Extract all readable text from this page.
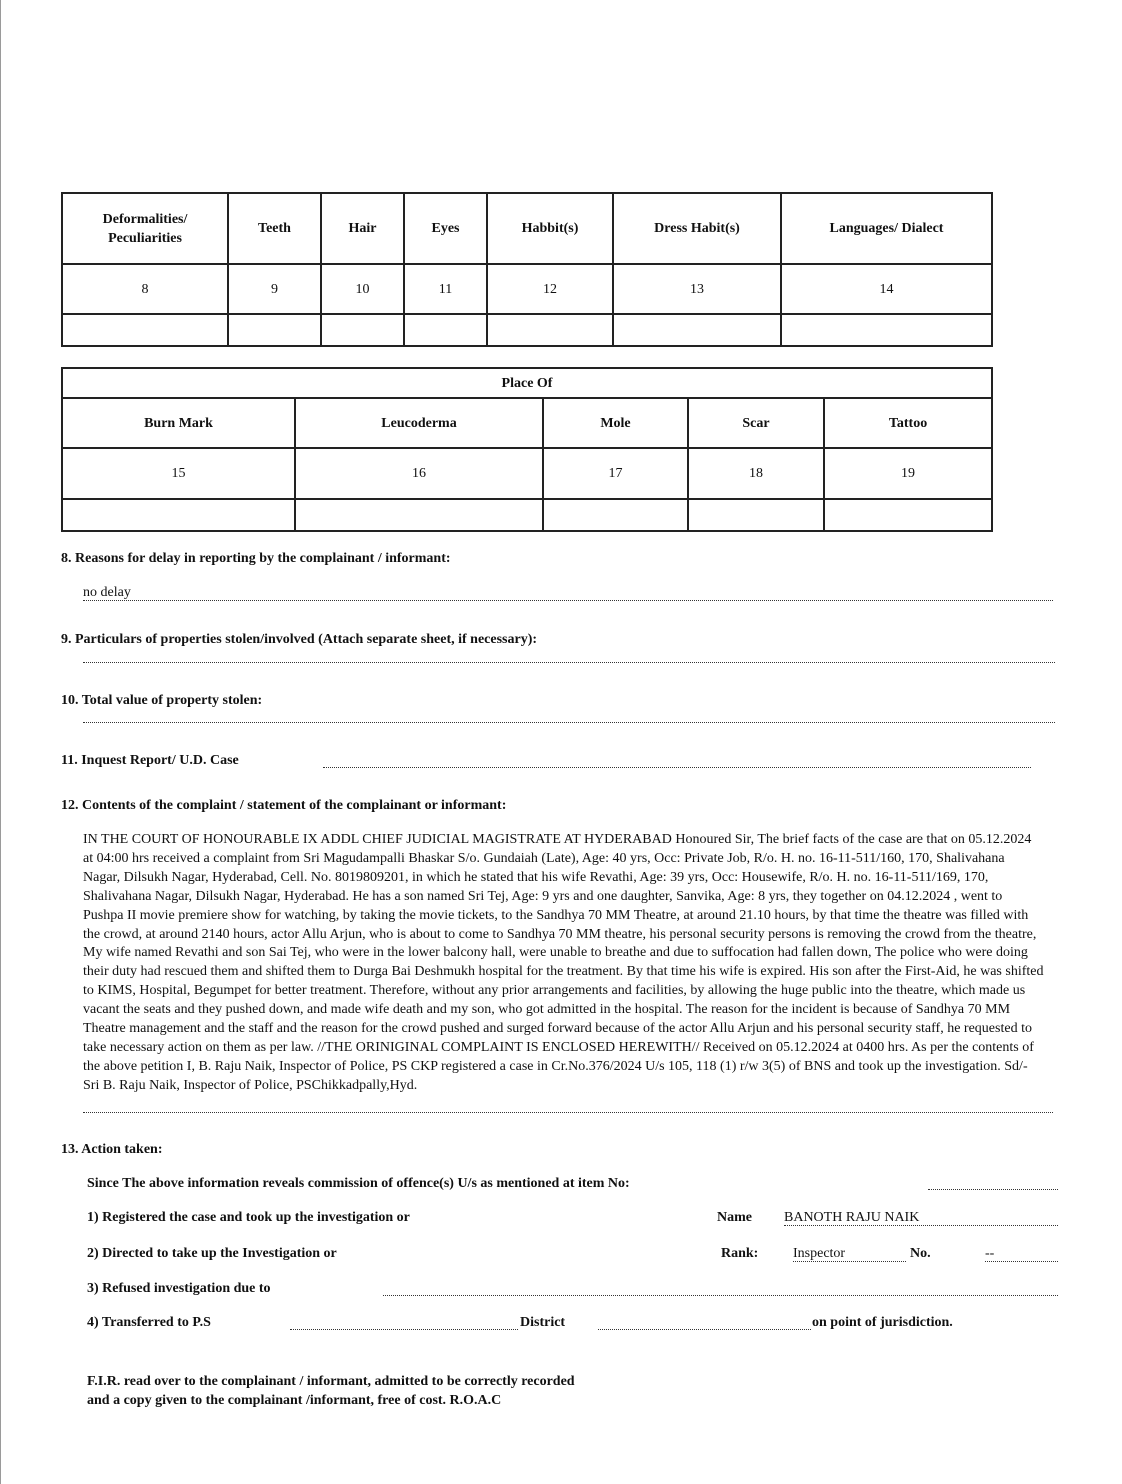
Deformalities/ Peculiarities	Teeth	Hair	Eyes	Habbit(s)	Dress Habit(s)	Languages/ Dialect
8	9	10	11	12	13	14

Place Of				
Burn Mark	Leucoderma	Mole	Scar	Tattoo
15	16	17	18	19

8. Reasons for delay in reporting by the complainant / informant:
no delay
9. Particulars of properties stolen/involved (Attach separate sheet, if necessary):
10. Total value of property stolen:
11. Inquest Report/ U.D. Case
12. Contents of the complaint / statement of the complainant or informant:
IN THE COURT OF HONOURABLE IX ADDL CHIEF JUDICIAL MAGISTRATE AT HYDERABAD Honoured Sir, The brief facts of the case are that on 05.12.2024 at 04:00 hrs received a complaint from Sri Magudampalli Bhaskar S/o. Gundaiah (Late), Age: 40 yrs, Occ: Private Job, R/o. H. no. 16-11-511/160, 170, Shalivahana Nagar, Dilsukh Nagar, Hyderabad, Cell. No. 8019809201, in which he stated that his wife Revathi, Age: 39 yrs, Occ: Housewife, R/o. H. no. 16-11-511/169, 170, Shalivahana Nagar, Dilsukh Nagar, Hyderabad. He has a son named Sri Tej, Age: 9 yrs and one daughter, Sanvika, Age: 8 yrs, they together on 04.12.2024 , went to Pushpa II movie premiere show for watching, by taking the movie tickets, to the Sandhya 70 MM Theatre, at around 21.10 hours, by that time the theatre was filled with the crowd, at around 2140 hours, actor Allu Arjun, who is about to come to Sandhya 70 MM theatre, his personal security persons is removing the crowd from the theatre, My wife named Revathi and son Sai Tej, who were in the lower balcony hall, were unable to breathe and due to suffocation had fallen down, The police who were doing their duty had rescued them and shifted them to Durga Bai Deshmukh hospital for the treatment. By that time his wife is expired. His son after the First-Aid, he was shifted to KIMS, Hospital, Begumpet for better treatment. Therefore, without any prior arrangements and facilities, by allowing the huge public into the theatre, which made us vacant the seats and they pushed down, and made wife death and my son, who got admitted in the hospital. The reason for the incident is because of Sandhya 70 MM Theatre management and the staff and the reason for the crowd pushed and surged forward because of the actor Allu Arjun and his personal security staff, he requested to take necessary action on them as per law. //THE ORINIGINAL COMPLAINT IS ENCLOSED HEREWITH// Received on 05.12.2024 at 0400 hrs. As per the contents of the above petition I, B. Raju Naik, Inspector of Police, PS CKP registered a case in Cr.No.376/2024 U/s 105, 118 (1) r/w 3(5) of BNS and took up the investigation. Sd/- Sri B. Raju Naik, Inspector of Police, PSChikkadpally,Hyd.
13. Action taken:
Since The above information reveals commission of offence(s) U/s as mentioned at item No:
1) Registered the case and took up the investigation or	Name BANOTH RAJU NAIK
2) Directed to take up the Investigation or	Rank: Inspector	No.	--
3) Refused investigation due to
4) Transferred to P.S	District	on point of jurisdiction.
F.I.R. read over to the complainant / informant, admitted to be correctly recorded
and a copy given to the complainant /informant, free of cost. R.O.A.C
